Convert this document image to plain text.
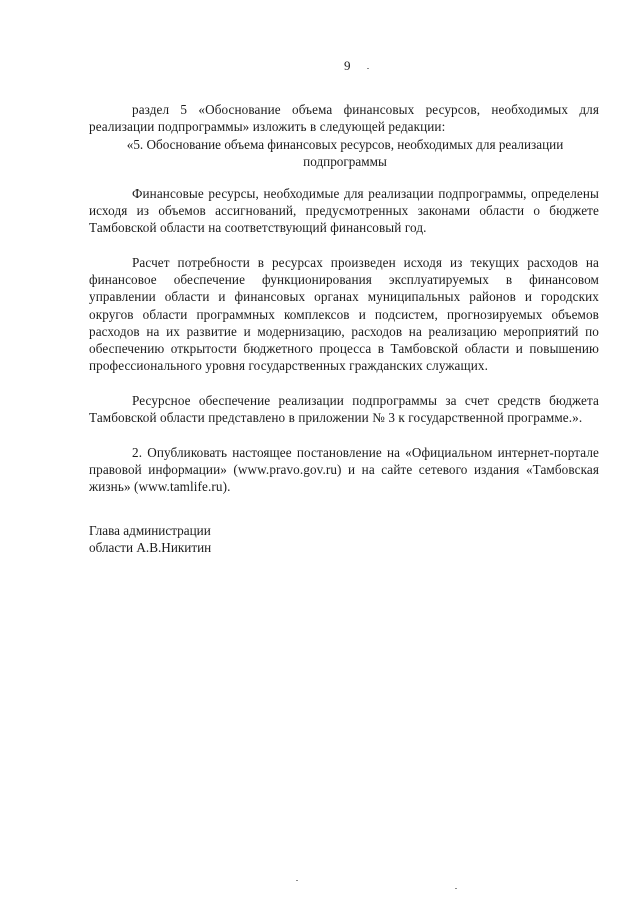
9

раздел 5 «Обоснование объема финансовых ресурсов, необходимых для реализации подпрограммы» изложить в следующей редакции:

«5. Обоснование объема финансовых ресурсов, необходимых для реализации подпрограммы

Финансовые ресурсы, необходимые для реализации подпрограммы, определены исходя из объемов ассигнований, предусмотренных законами области о бюджете Тамбовской области на соответствующий финансовый год.

Расчет потребности в ресурсах произведен исходя из текущих расходов на финансовое обеспечение функционирования эксплуатируемых в финансовом управлении области и финансовых органах муниципальных районов и городских округов области программных комплексов и подсистем, прогнозируемых объемов расходов на их развитие и модернизацию, расходов на реализацию мероприятий по обеспечению открытости бюджетного процесса в Тамбовской области и повышению профессионального уровня государственных гражданских служащих.

Ресурсное обеспечение реализации подпрограммы за счет средств бюджета Тамбовской области представлено в приложении № 3 к государственной программе.».

2. Опубликовать настоящее постановление на «Официальном интернет-портале правовой информации» (www.pravo.gov.ru) и на сайте сетевого издания «Тамбовская жизнь» (www.tamlife.ru).

Глава администрации
области А.В.Никитин
